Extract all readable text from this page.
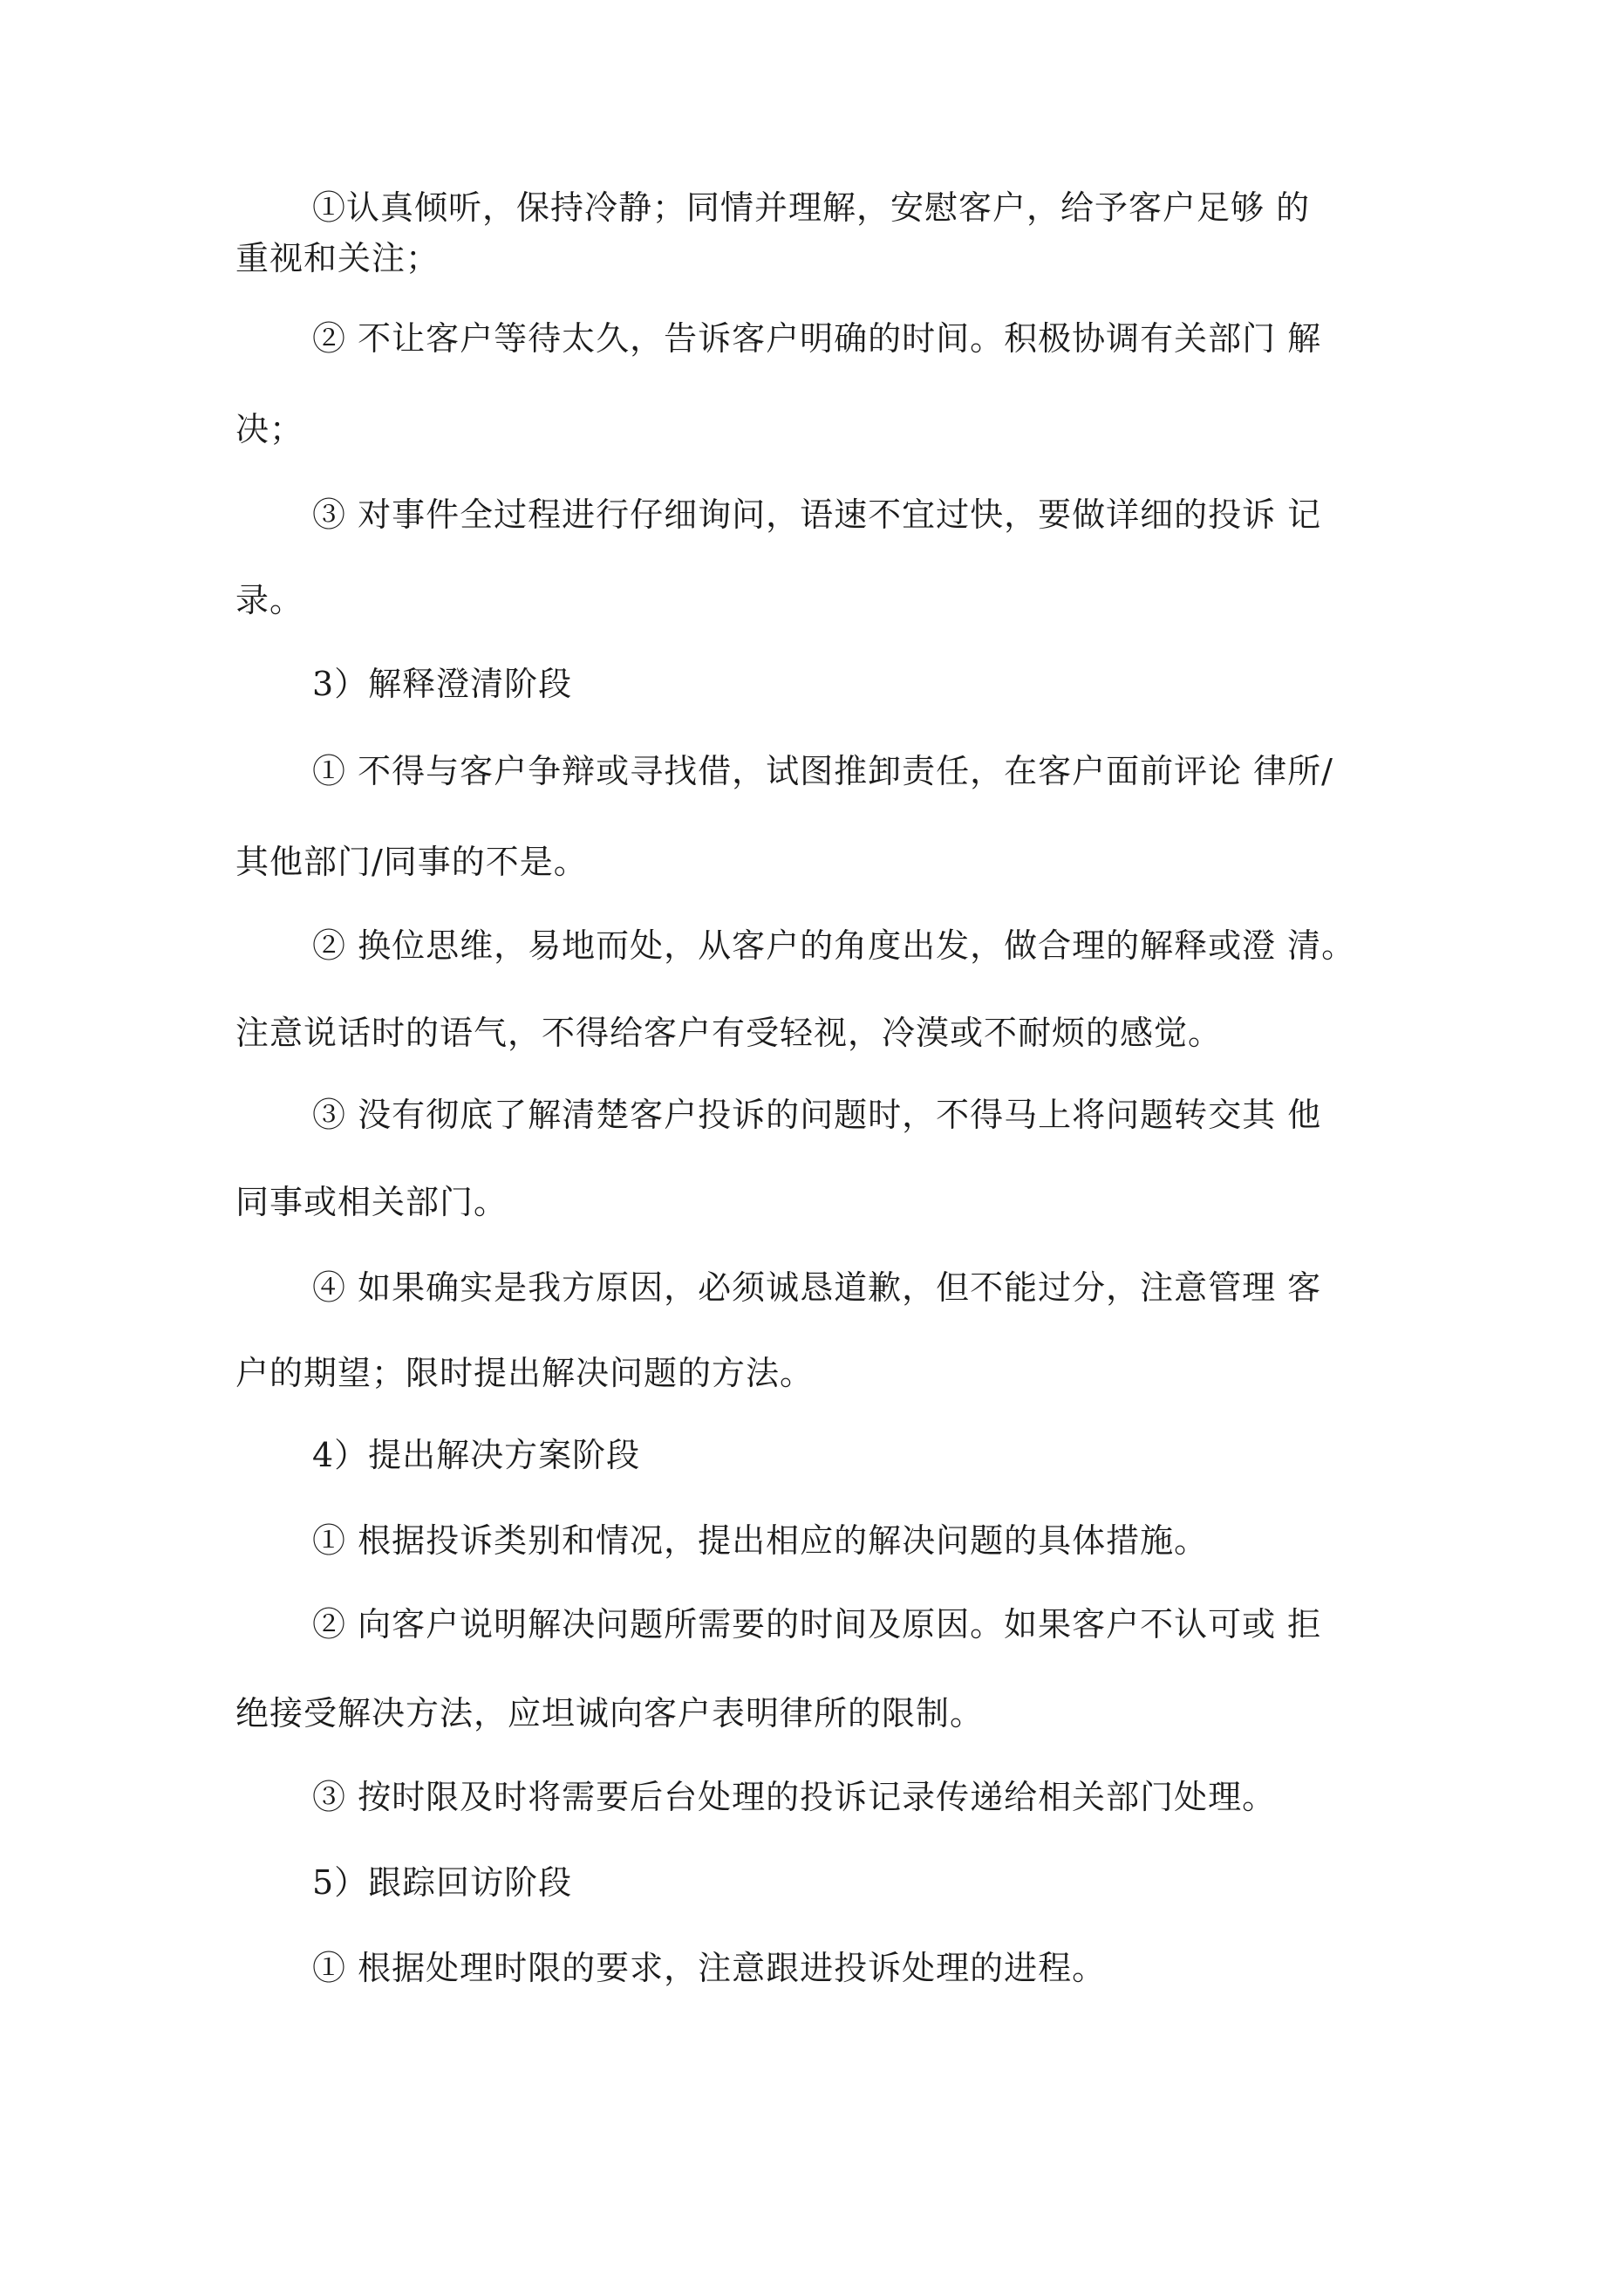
①认真倾听，保持冷静；同情并理解，安慰客户，给予客户足够 的

重视和关注；

② 不让客户等待太久，告诉客户明确的时间。积极协调有关部门 解

决；

③ 对事件全过程进行仔细询问，语速不宜过快，要做详细的投诉 记

录。

3）解释澄清阶段

① 不得与客户争辩或寻找借，试图推卸责任，在客户面前评论 律所/

其他部门/同事的不是。

② 换位思维，易地而处，从客户的角度出发，做合理的解释或澄 清。

注意说话时的语气，不得给客户有受轻视，冷漠或不耐烦的感觉。

③ 没有彻底了解清楚客户投诉的问题时，不得马上将问题转交其 他

同事或相关部门。

④ 如果确实是我方原因，必须诚恳道歉，但不能过分，注意管理 客

户的期望；限时提出解决问题的方法。

4）提出解决方案阶段

① 根据投诉类别和情况，提出相应的解决问题的具体措施。

② 向客户说明解决问题所需要的时间及原因。如果客户不认可或 拒

绝接受解决方法，应坦诚向客户表明律所的限制。

③ 按时限及时将需要后台处理的投诉记录传递给相关部门处理。

5）跟踪回访阶段

① 根据处理时限的要求，注意跟进投诉处理的进程。
